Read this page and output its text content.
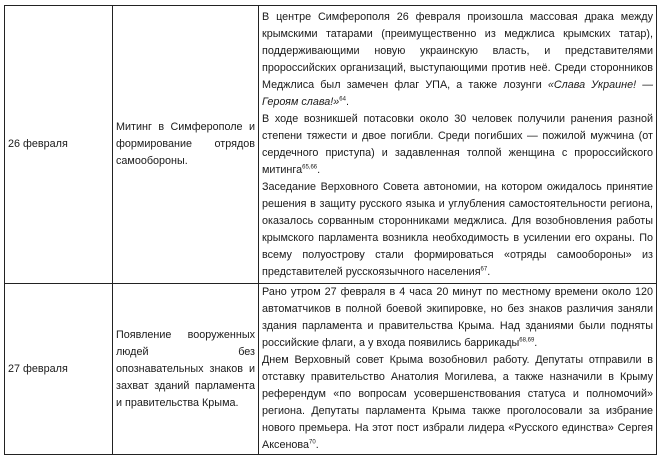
26 февраля	Митинг в Симферополе и формирование отрядов самообороны.	В центре Симферополя 26 февраля произошла массовая драка между крымскими татарами (преимущественно из меджлиса крымских татар), поддерживающими новую украинскую власть, и представителями пророссийских организаций, выступающими против неё. Среди сторонников Меджлиса был замечен флаг УПА, а также лозунги «Слава Украине! — Героям слава!»$^{64}$.

В ходе возникшей потасовки около 30 человек получили ранения разной степени тяжести и двое погибли. Среди погибших — пожилой мужчина (от сердечного приступа) и задавленная толпой женщина с пророссийского митинга$^{65,66}$.

Заседание Верховного Совета автономии, на котором ожидалось принятие решения в защиту русского языка и углубления самостоятельности региона, оказалось сорванным сторонниками меджлиса. Для возобновления работы крымского парламента возникла необходимость в усилении его охраны. По всему полуострову стали формироваться «отряды самообороны» из представителей русскоязычного населения$^{67}$.

27 февраля	Появление вооруженных людей без опознавательных знаков и захват зданий парламента и правительства Крыма.	Рано утром 27 февраля в 4 часа 20 минут по местному времени около 120 автоматчиков в полной боевой экипировке, но без знаков различия заняли здания парламента и правительства Крыма. Над зданиями были подняты российские флаги, а у входа появились баррикады$^{68,69}$.

Днем Верховный совет Крыма возобновил работу. Депутаты отправили в отставку правительство Анатолия Могилева, а также назначили в Крыму референдум «по вопросам усовершенствования статуса и полномочий» региона. Депутаты парламента Крыма также проголосовали за избрание нового премьера. На этот пост избрали лидера «Русского единства» Сергея Аксенова$^{70}$.
